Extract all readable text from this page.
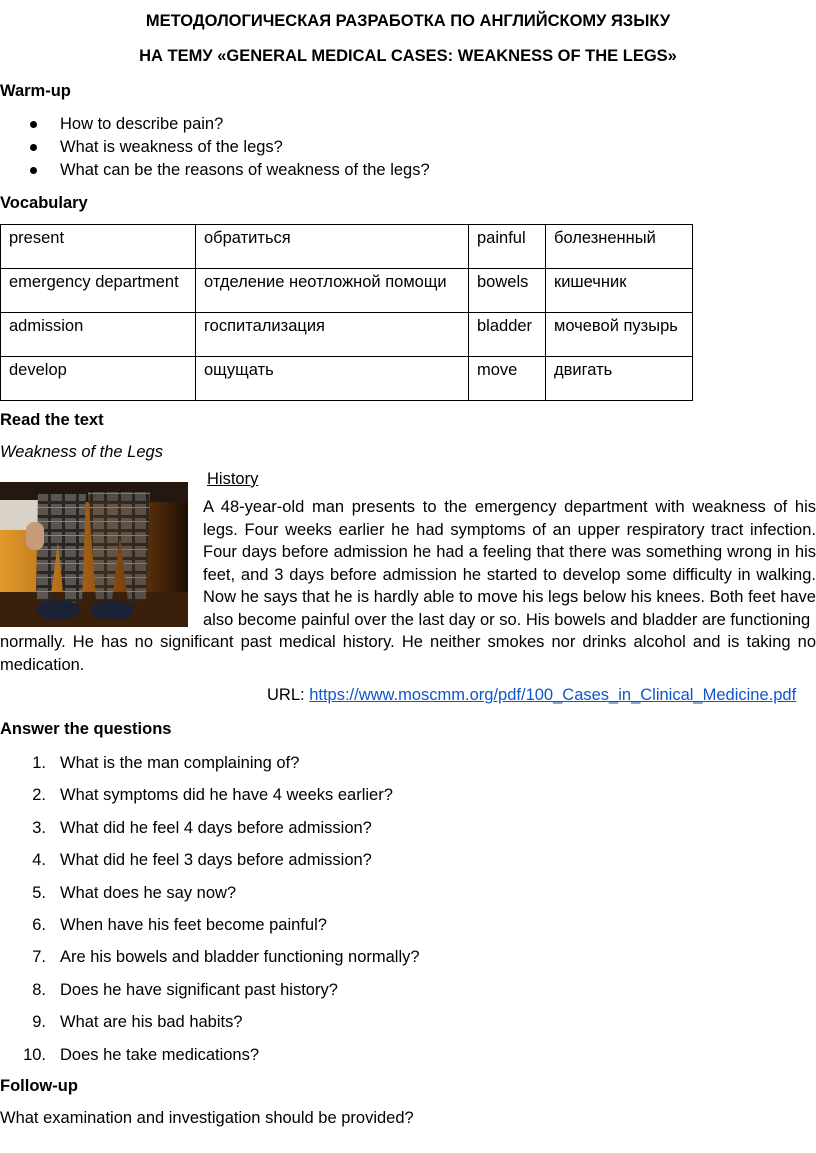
МЕТОДОЛОГИЧЕСКАЯ РАЗРАБОТКА ПО АНГЛИЙСКОМУ ЯЗЫКУ
НА ТЕМУ «GENERAL MEDICAL CASES: WEAKNESS OF THE LEGS»
Warm-up
How to describe pain?
What is weakness of the legs?
What can be the reasons of weakness of the legs?
Vocabulary
present	обратиться	painful	болезненный
emergency department	отделение неотложной помощи	bowels	кишечник
admission	госпитализация	bladder	мочевой пузырь
develop	ощущать	move	двигать
Read the text
Weakness of the Legs
History
A 48-year-old man presents to the emergency department with weakness of his legs. Four weeks earlier he had symptoms of an upper respiratory tract infection. Four days before admission he had a feeling that there was something wrong in his feet, and 3 days before admission he started to develop some difficulty in walking. Now he says that he is hardly able to move his legs below his knees. Both feet have also become painful over the last day or so. His bowels and bladder are functioning
normally. He has no significant past medical history. He neither smokes nor drinks alcohol and is taking no medication.
URL: https://www.moscmm.org/pdf/100_Cases_in_Clinical_Medicine.pdf
Answer the questions
1. What is the man complaining of?
2. What symptoms did he have 4 weeks earlier?
3. What did he feel 4 days before admission?
4. What did he feel 3 days before admission?
5. What does he say now?
6. When have his feet become painful?
7. Are his bowels and bladder functioning normally?
8. Does he have significant past history?
9. What are his bad habits?
10. Does he take medications?
Follow-up
What examination and investigation should be provided?
